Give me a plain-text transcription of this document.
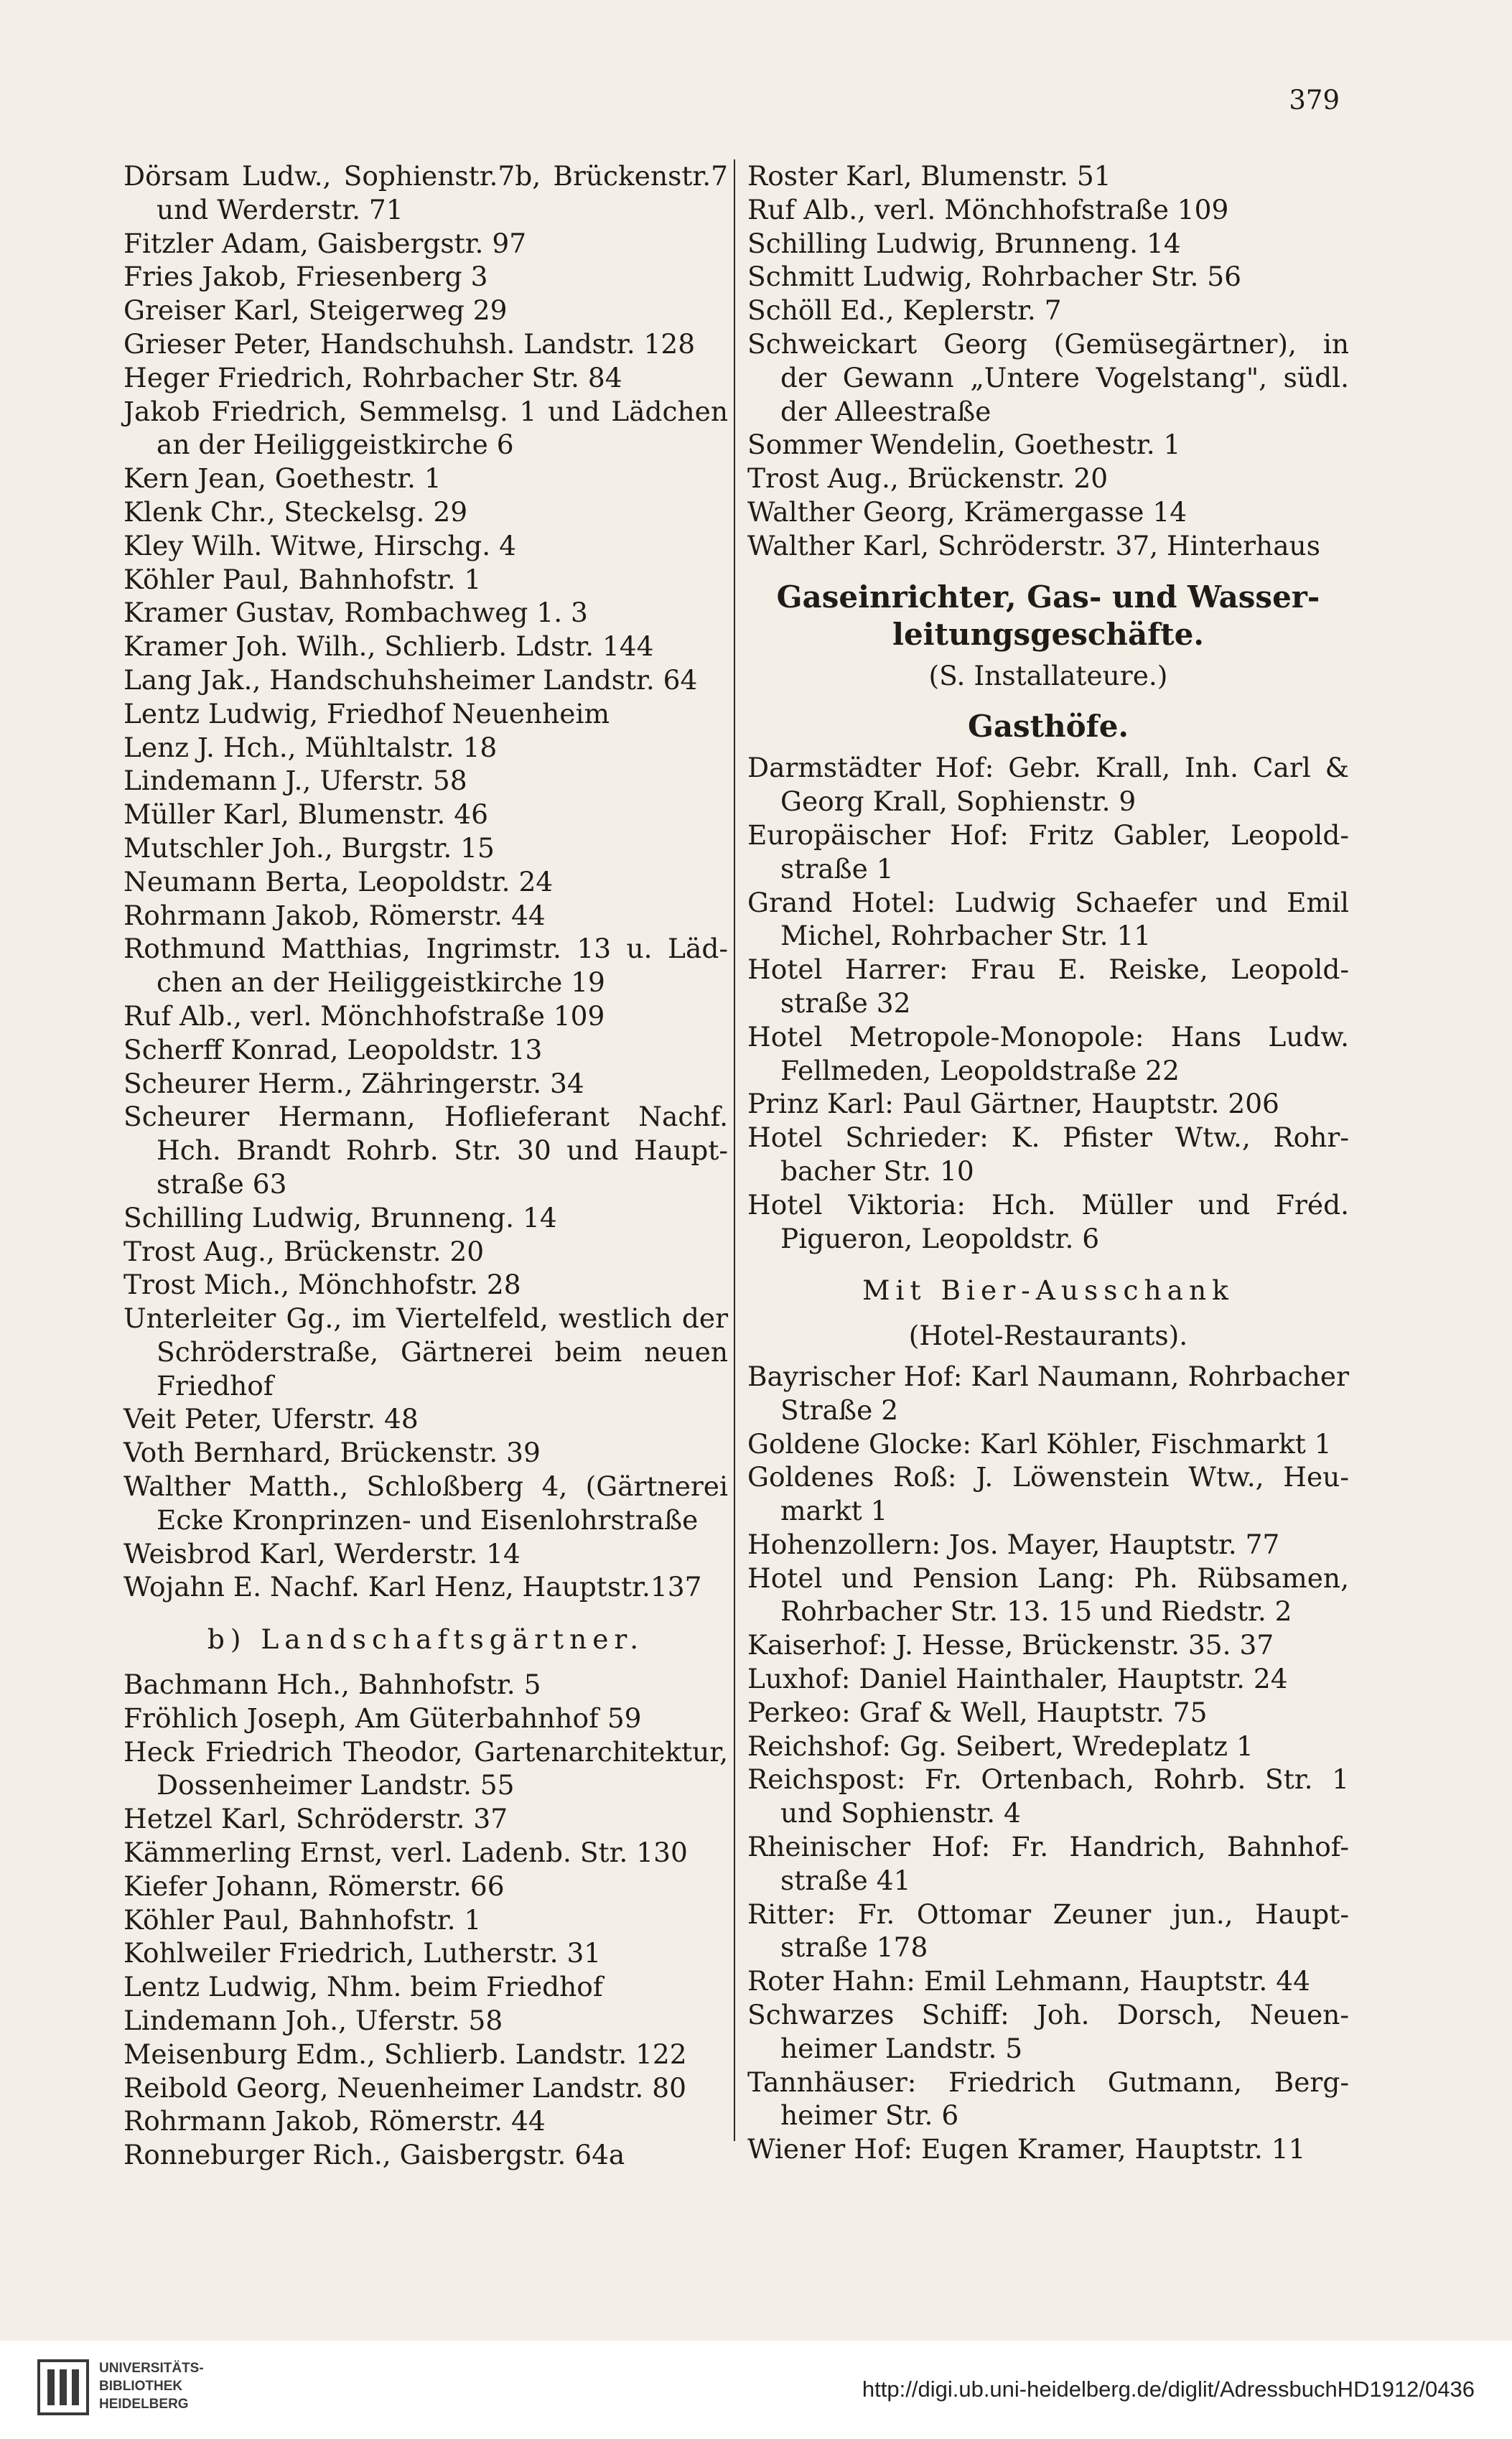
379

Dörsam Ludw., Sophienstr.7b, Brückenstr.7 und Werderstr. 71

Fitzler Adam, Gaisbergstr. 97

Fries Jakob, Friesenberg 3

Greiser Karl, Steigerweg 29

Grieser Peter, Handschuhsh. Landstr. 128

Heger Friedrich, Rohrbacher Str. 84

Jakob Friedrich, Semmelsg. 1 und Lädchen an der Heiliggeistkirche 6

Kern Jean, Goethestr. 1

Klenk Chr., Steckelsg. 29

Kley Wilh. Witwe, Hirschg. 4

Köhler Paul, Bahnhofstr. 1

Kramer Gustav, Rombachweg 1. 3

Kramer Joh. Wilh., Schlierb. Ldstr. 144

Lang Jak., Handschuhsheimer Landstr. 64

Lentz Ludwig, Friedhof Neuenheim

Lenz J. Hch., Mühltalstr. 18

Lindemann J., Uferstr. 58

Müller Karl, Blumenstr. 46

Mutschler Joh., Burgstr. 15

Neumann Berta, Leopoldstr. 24

Rohrmann Jakob, Römerstr. 44

Rothmund Matthias, Ingrimstr. 13 u. Läd-chen an der Heiliggeistkirche 19

Ruf Alb., verl. Mönchhofstraße 109

Scherff Konrad, Leopoldstr. 13

Scheurer Herm., Zähringerstr. 34

Scheurer Hermann, Hoflieferant Nachf. Hch. Brandt Rohrb. Str. 30 und Haupt-straße 63

Schilling Ludwig, Brunneng. 14

Trost Aug., Brückenstr. 20

Trost Mich., Mönchhofstr. 28

Unterleiter Gg., im Viertelfeld, westlich der Schröderstraße, Gärtnerei beim neuen Friedhof

Veit Peter, Uferstr. 48

Voth Bernhard, Brückenstr. 39

Walther Matth., Schloßberg 4, (Gärtnerei Ecke Kronprinzen- und Eisenlohrstraße

Weisbrod Karl, Werderstr. 14

Wojahn E. Nachf. Karl Henz, Hauptstr.137

b) Landschaftsgärtner.

Bachmann Hch., Bahnhofstr. 5

Fröhlich Joseph, Am Güterbahnhof 59

Heck Friedrich Theodor, Gartenarchitektur, Dossenheimer Landstr. 55

Hetzel Karl, Schröderstr. 37

Kämmerling Ernst, verl. Ladenb. Str. 130

Kiefer Johann, Römerstr. 66

Köhler Paul, Bahnhofstr. 1

Kohlweiler Friedrich, Lutherstr. 31

Lentz Ludwig, Nhm. beim Friedhof

Lindemann Joh., Uferstr. 58

Meisenburg Edm., Schlierb. Landstr. 122

Reibold Georg, Neuenheimer Landstr. 80

Rohrmann Jakob, Römerstr. 44

Ronneburger Rich., Gaisbergstr. 64a

Roster Karl, Blumenstr. 51

Ruf Alb., verl. Mönchhofstraße 109

Schilling Ludwig, Brunneng. 14

Schmitt Ludwig, Rohrbacher Str. 56

Schöll Ed., Keplerstr. 7

Schweickart Georg (Gemüsegärtner), in der Gewann „Untere Vogelstang", südl. der Alleestraße

Sommer Wendelin, Goethestr. 1

Trost Aug., Brückenstr. 20

Walther Georg, Krämergasse 14

Walther Karl, Schröderstr. 37, Hinterhaus

Gaseinrichter, Gas- und Wasser-leitungsgeschäfte.
(S. Installateure.)
Gasthöfe.

Darmstädter Hof: Gebr. Krall, Inh. Carl & Georg Krall, Sophienstr. 9

Europäischer Hof: Fritz Gabler, Leopold-straße 1

Grand Hotel: Ludwig Schaefer und Emil Michel, Rohrbacher Str. 11

Hotel Harrer: Frau E. Reiske, Leopold-straße 32

Hotel Metropole-Monopole: Hans Ludw. Fellmeden, Leopoldstraße 22

Prinz Karl: Paul Gärtner, Hauptstr. 206

Hotel Schrieder: K. Pfister Wtw., Rohr-bacher Str. 10

Hotel Viktoria: Hch. Müller und Fréd. Pigueron, Leopoldstr. 6

Mit Bier-Ausschank
(Hotel-Restaurants).

Bayrischer Hof: Karl Naumann, Rohrbacher Straße 2

Goldene Glocke: Karl Köhler, Fischmarkt 1

Goldenes Roß: J. Löwenstein Wtw., Heu-markt 1

Hohenzollern: Jos. Mayer, Hauptstr. 77

Hotel und Pension Lang: Ph. Rübsamen, Rohrbacher Str. 13. 15 und Riedstr. 2

Kaiserhof: J. Hesse, Brückenstr. 35. 37

Luxhof: Daniel Hainthaler, Hauptstr. 24

Perkeo: Graf & Well, Hauptstr. 75

Reichshof: Gg. Seibert, Wredeplatz 1

Reichspost: Fr. Ortenbach, Rohrb. Str. 1 und Sophienstr. 4

Rheinischer Hof: Fr. Handrich, Bahnhof-straße 41

Ritter: Fr. Ottomar Zeuner jun., Haupt-straße 178

Roter Hahn: Emil Lehmann, Hauptstr. 44

Schwarzes Schiff: Joh. Dorsch, Neuen-heimer Landstr. 5

Tannhäuser: Friedrich Gutmann, Berg-heimer Str. 6

Wiener Hof: Eugen Kramer, Hauptstr. 11

UNIVERSITÄTS-
BIBLIOTHEK
HEIDELBERG
http://digi.ub.uni-heidelberg.de/diglit/AdressbuchHD1912/0436
